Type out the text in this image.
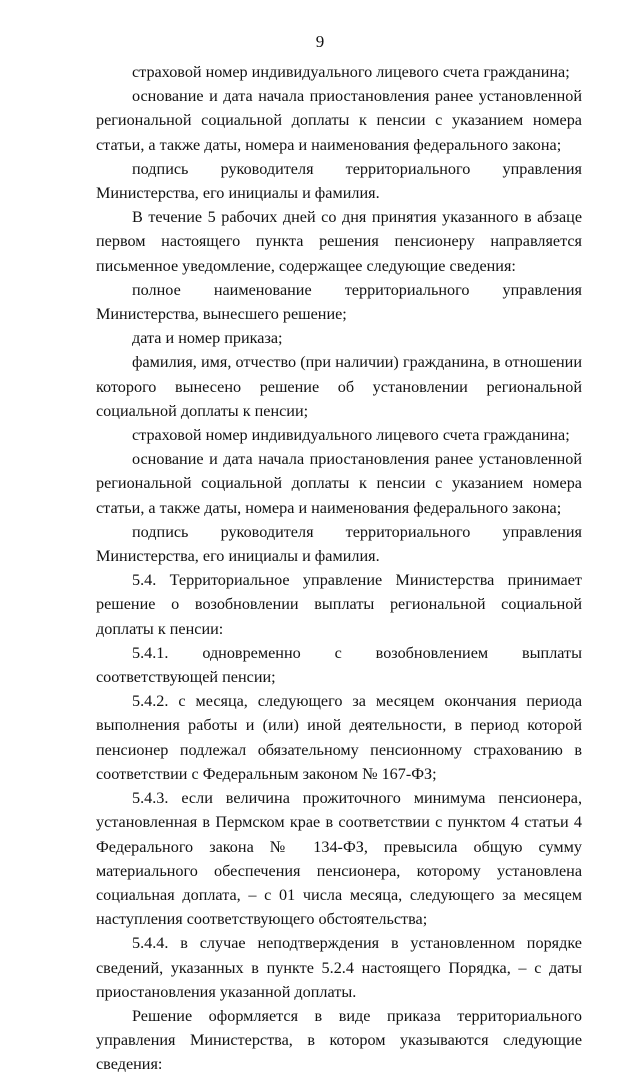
9

страховой номер индивидуального лицевого счета гражданина;

основание и дата начала приостановления ранее установленной региональной социальной доплаты к пенсии с указанием номера статьи, а также даты, номера и наименования федерального закона;

подпись руководителя территориального управления Министерства, его инициалы и фамилия.

В течение 5 рабочих дней со дня принятия указанного в абзаце первом настоящего пункта решения пенсионеру направляется письменное уведомление, содержащее следующие сведения:

полное наименование территориального управления Министерства, вынесшего решение;

дата и номер приказа;

фамилия, имя, отчество (при наличии) гражданина, в отношении которого вынесено решение об установлении региональной социальной доплаты к пенсии;

страховой номер индивидуального лицевого счета гражданина;

основание и дата начала приостановления ранее установленной региональной социальной доплаты к пенсии с указанием номера статьи, а также даты, номера и наименования федерального закона;

подпись руководителя территориального управления Министерства, его инициалы и фамилия.

5.4. Территориальное управление Министерства принимает решение о возобновлении выплаты региональной социальной доплаты к пенсии:

5.4.1. одновременно с возобновлением выплаты соответствующей пенсии;

5.4.2. с месяца, следующего за месяцем окончания периода выполнения работы и (или) иной деятельности, в период которой пенсионер подлежал обязательному пенсионному страхованию в соответствии с Федеральным законом № 167-ФЗ;

5.4.3. если величина прожиточного минимума пенсионера, установленная в Пермском крае в соответствии с пунктом 4 статьи 4 Федерального закона № 134-ФЗ, превысила общую сумму материального обеспечения пенсионера, которому установлена социальная доплата, – с 01 числа месяца, следующего за месяцем наступления соответствующего обстоятельства;

5.4.4. в случае неподтверждения в установленном порядке сведений, указанных в пункте 5.2.4 настоящего Порядка, – с даты приостановления указанной доплаты.

Решение оформляется в виде приказа территориального управления Министерства, в котором указываются следующие сведения:
